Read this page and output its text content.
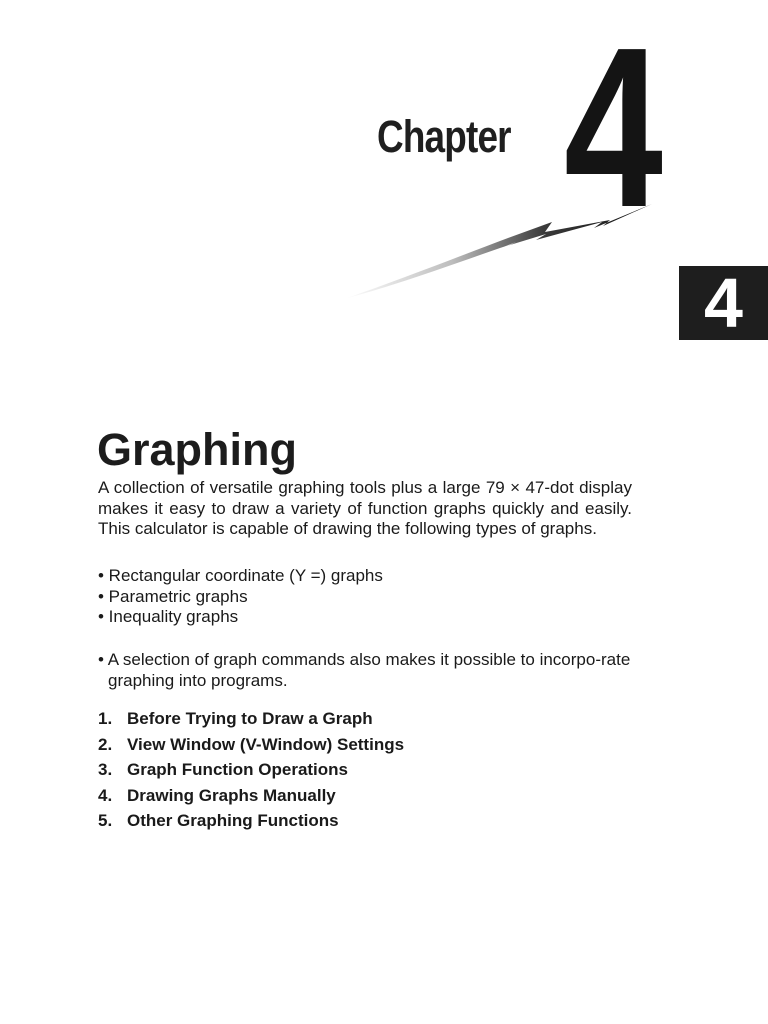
Chapter 4
4
Graphing

A collection of versatile graphing tools plus a large 79 × 47-dot display makes it easy to draw a variety of function graphs quickly and easily. This calculator is capable of drawing the following types of graphs.

• Rectangular coordinate (Y =) graphs
• Parametric graphs
• Inequality graphs

• A selection of graph commands also makes it possible to incorpo-rate graphing into programs.

1. Before Trying to Draw a Graph
2. View Window (V-Window) Settings
3. Graph Function Operations
4. Drawing Graphs Manually
5. Other Graphing Functions
